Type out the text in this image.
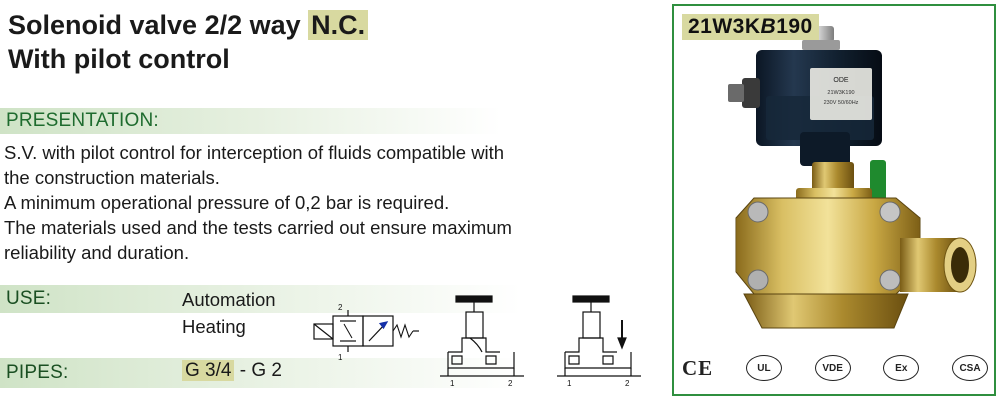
Solenoid valve 2/2 way N.C.
With pilot control
PRESENTATION:

S.V. with pilot control for interception of fluids compatible with

the construction materials.

A minimum operational pressure of 0,2 bar is required.

The materials used and the tests carried out ensure maximum

reliability and duration.

USE:	Automation
Heating
PIPES:	G 3/4 - G 2
2
1
1	2	1	2
ODE
21W3K190
230V 50/60Hz
21W3KB190
CE	UL	VDE	Ex	CSA
